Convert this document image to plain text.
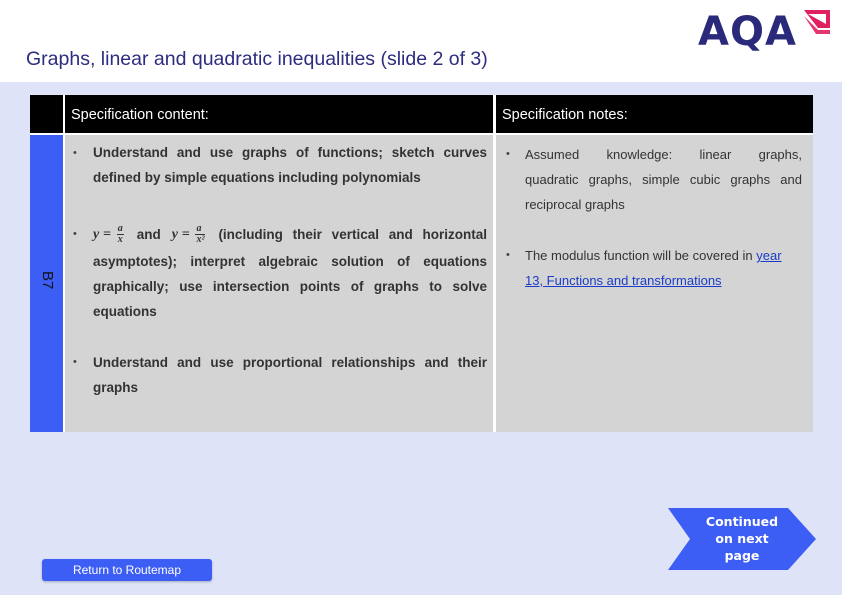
Graphs, linear and quadratic inequalities (slide 2 of 3)
AQA
Specification content:	Specification notes:
B7
• Understand and use graphs of functions; sketch curves
defined by simple equations including polynomials
• $y = \frac{a}{x}$ and $y = \frac{a}{\text{x²}}$ (including their vertical and horizontal
asymptotes); interpret algebraic solution of equations
graphically; use intersection points of graphs to solve
equations
• Understand and use proportional relationships and their
graphs
• Assumed knowledge: linear graphs,
quadratic graphs, simple cubic graphs and
reciprocal graphs
• The modulus function will be covered in year
13, Functions and transformations
Return to Routemap
Continued
on next
page
